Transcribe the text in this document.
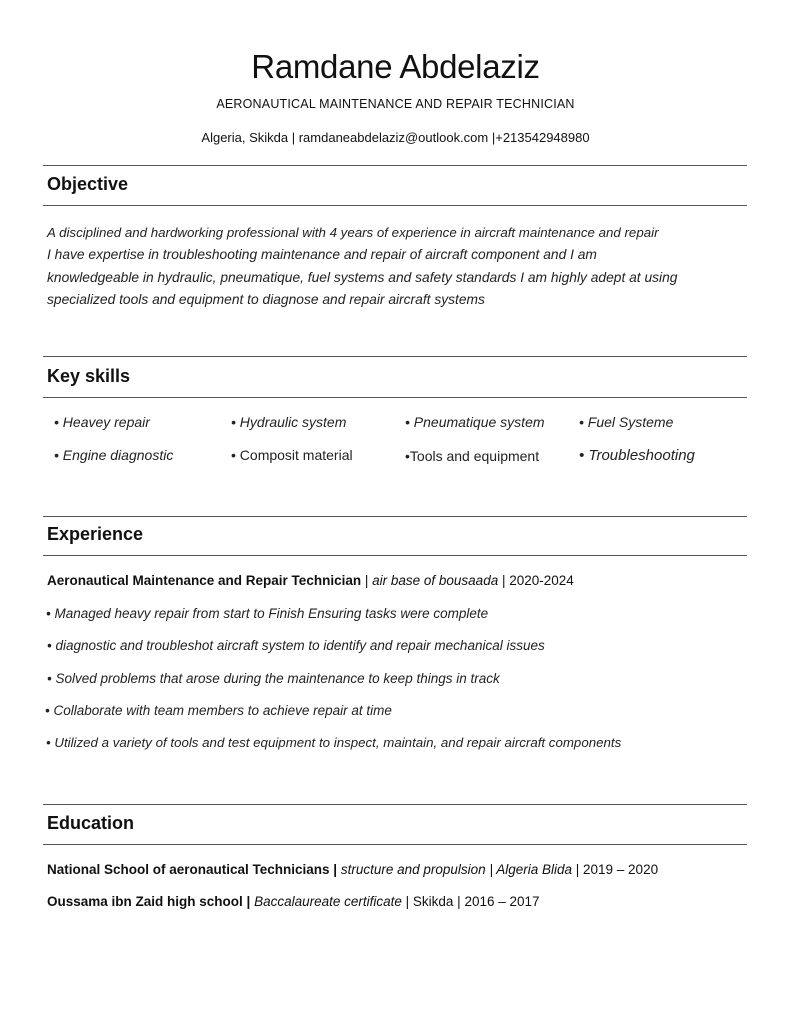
Ramdane Abdelaziz
AERONAUTICAL MAINTENANCE AND REPAIR TECHNICIAN
Algeria, Skikda | ramdaneabdelaziz@outlook.com |+213542948980
Objective
A disciplined and hardworking professional with 4 years of experience in aircraft maintenance and repair
I have expertise in troubleshooting maintenance and repair of aircraft component and I am
knowledgeable in hydraulic, pneumatique, fuel systems and safety standards I am highly adept at using
specialized tools and equipment to diagnose and repair aircraft systems
Key skills
• Heavey repair	• Hydraulic system	• Pneumatique system • Fuel Systeme
• Engine diagnostic	• Composit material	•Tools and equipment	• Troubleshooting
Experience
Aeronautical Maintenance and Repair Technician | air base of bousaada | 2020-2024
• Managed heavy repair from start to Finish Ensuring tasks were complete
• diagnostic and troubleshot aircraft system to identify and repair mechanical issues
• Solved problems that arose during the maintenance to keep things in track
• Collaborate with team members to achieve repair at time
• Utilized a variety of tools and test equipment to inspect, maintain, and repair aircraft components
Education
National School of aeronautical Technicians | structure and propulsion | Algeria Blida | 2019 – 2020
Oussama ibn Zaid high school | Baccalaureate certificate | Skikda | 2016 – 2017
